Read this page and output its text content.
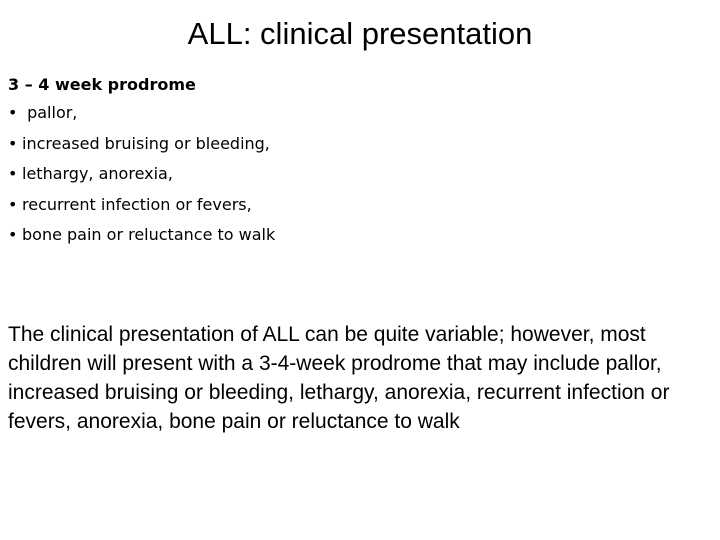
ALL: clinical presentation
3 – 4 week prodrome
• pallor,
• increased bruising or bleeding,
• lethargy, anorexia,
• recurrent infection or fevers,
• bone pain or reluctance to walk

The clinical presentation of ALL can be quite variable; however, most children will present with a 3-4-week prodrome that may include pallor, increased bruising or bleeding, lethargy, anorexia, recurrent infection or fevers, anorexia, bone pain or reluctance to walk
